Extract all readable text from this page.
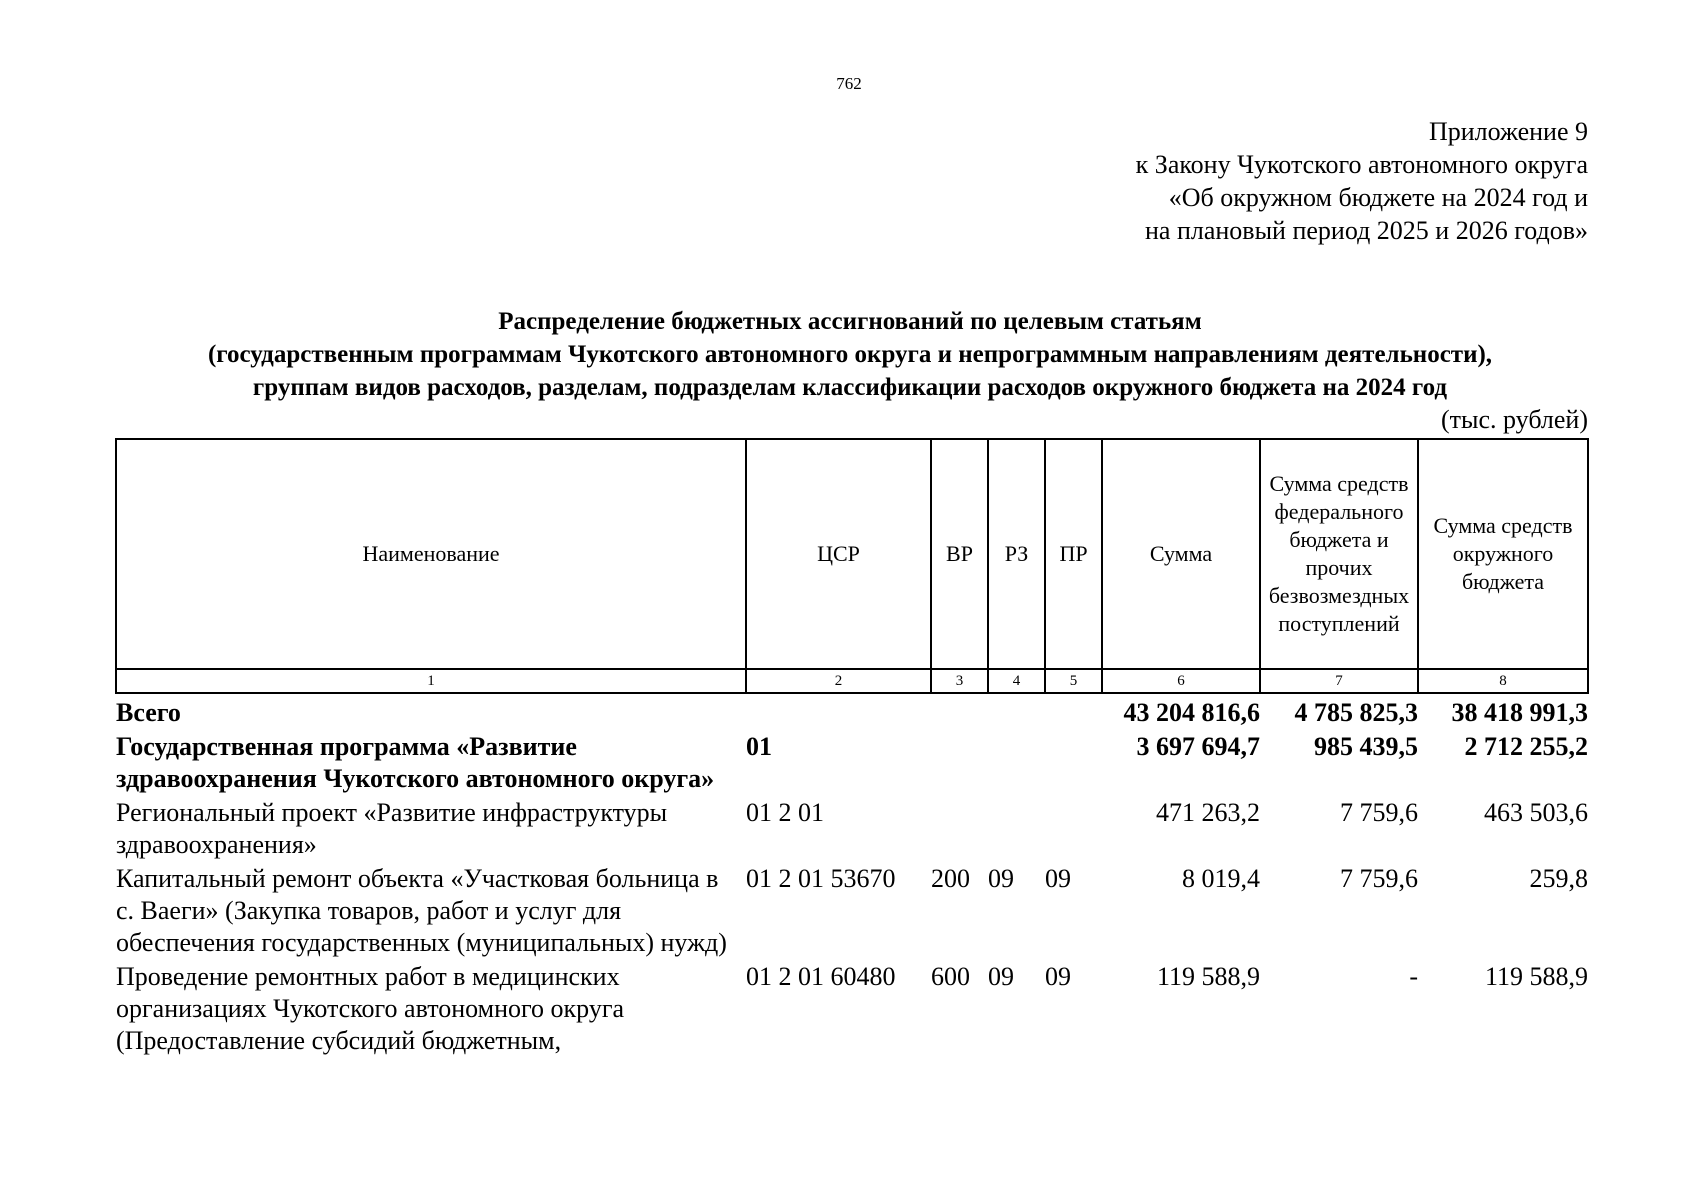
762
Приложение 9
к Закону Чукотского автономного округа
«Об окружном бюджете на 2024 год и
на плановый период 2025 и 2026 годов»
Распределение бюджетных ассигнований по целевым статьям
(государственным программам Чукотского автономного округа и непрограммным направлениям деятельности),
группам видов расходов, разделам, подразделам классификации расходов окружного бюджета на 2024 год
(тыс. рублей)
Наименование	ЦСР	ВР	РЗ	ПР	Сумма	Сумма средств федерального бюджета и прочих безвозмездных поступлений	Сумма средств окружного бюджета
1	2	3	4	5	6	7	8
Всего					43 204 816,6	4 785 825,3	38 418 991,3
Государственная программа «Развитие здравоохранения Чукотского автономного округа»	01				3 697 694,7	985 439,5	2 712 255,2
Региональный проект «Развитие инфраструктуры здравоохранения»	01 2 01				471 263,2	7 759,6	463 503,6
Капитальный ремонт объекта «Участковая больница в с. Ваеги» (Закупка товаров, работ и услуг для обеспечения государственных (муниципальных) нужд)	01 2 01 53670	200	09	09	8 019,4	7 759,6	259,8
Проведение ремонтных работ в медицинских организациях Чукотского автономного округа (Предоставление субсидий бюджетным,	01 2 01 60480	600	09	09	119 588,9	-	119 588,9
